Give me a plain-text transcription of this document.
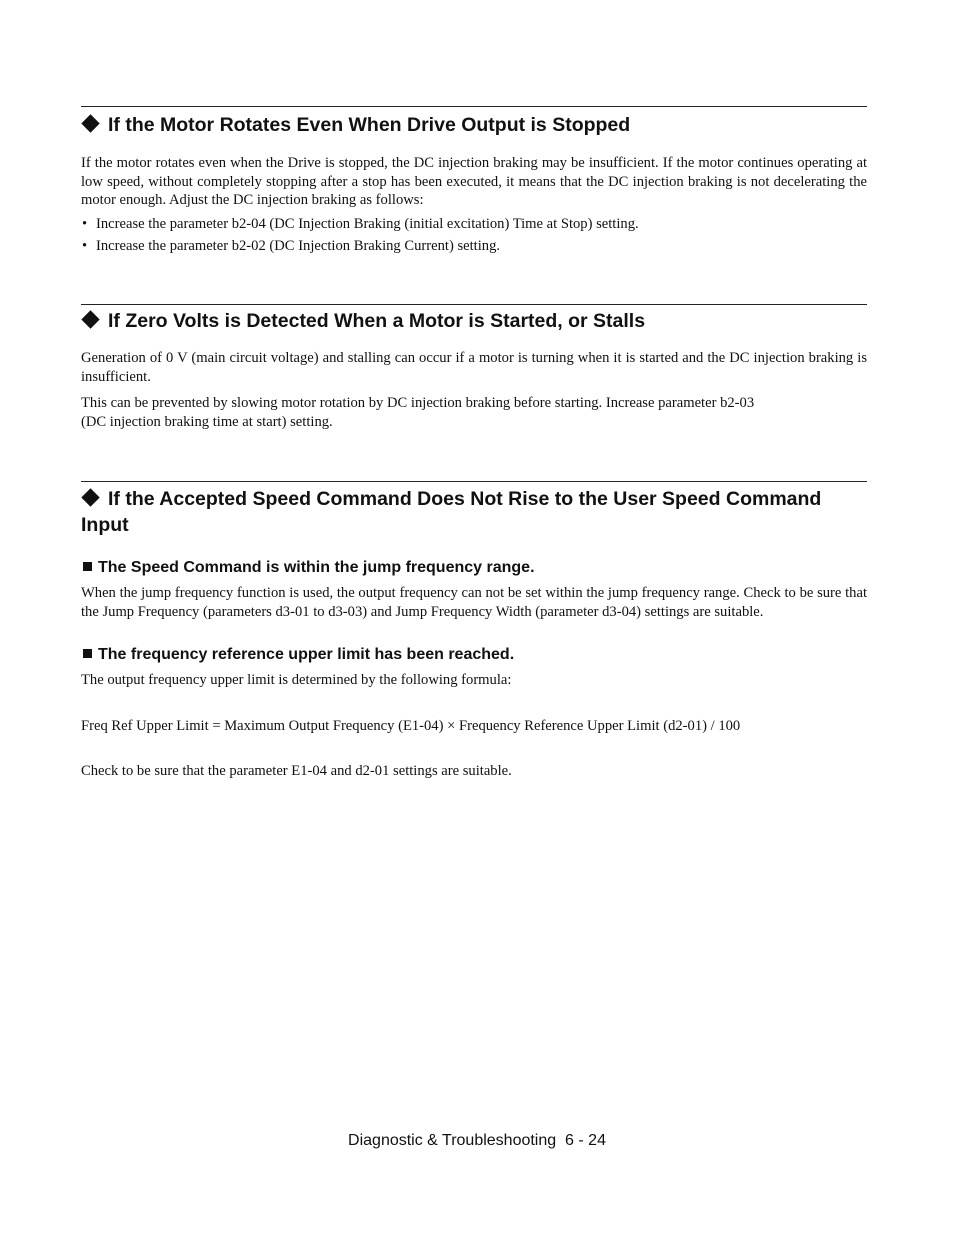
If the Motor Rotates Even When Drive Output is Stopped

If the motor rotates even when the Drive is stopped, the DC injection braking may be insufficient. If the motor continues operating at low speed, without completely stopping after a stop has been executed, it means that the DC injection braking is not decelerating the motor enough. Adjust the DC injection braking as follows:

• Increase the parameter b2-04 (DC Injection Braking (initial excitation) Time at Stop) setting.
• Increase the parameter b2-02 (DC Injection Braking Current) setting.
If Zero Volts is Detected When a Motor is Started, or Stalls

Generation of 0 V (main circuit voltage) and stalling can occur if a motor is turning when it is started and the DC injection braking is insufficient.

This can be prevented by slowing motor rotation by DC injection braking before starting. Increase parameter b2-03
(DC injection braking time at start) setting.

If the Accepted Speed Command Does Not Rise to the User Speed Command Input
The Speed Command is within the jump frequency range.

When the jump frequency function is used, the output frequency can not be set within the jump frequency range. Check to be sure that the Jump Frequency (parameters d3-01 to d3-03) and Jump Frequency Width (parameter d3-04) settings are suitable.

The frequency reference upper limit has been reached.

The output frequency upper limit is determined by the following formula:

Freq Ref Upper Limit = Maximum Output Frequency (E1-04) × Frequency Reference Upper Limit (d2-01) / 100

Check to be sure that the parameter E1-04 and d2-01 settings are suitable.

Diagnostic & Troubleshooting  6 - 24
